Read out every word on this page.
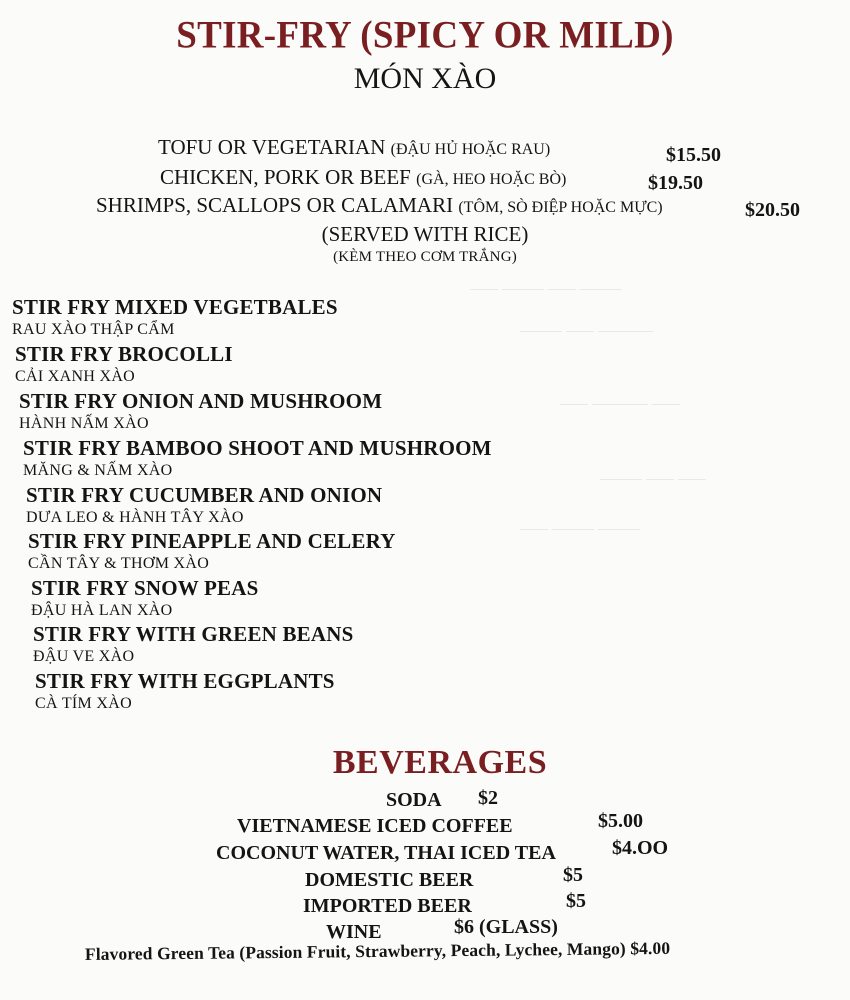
STIR-FRY (SPICY OR MILD)
MÓN XÀO
—— ——— —— ———
——— —— ————
—— ———— ——
——— —— ——
—— ——— ———
TOFU OR VEGETARIAN (ĐẬU HỦ HOẶC RAU)	$15.50
CHICKEN, PORK OR BEEF (GÀ, HEO HOẶC BÒ)	$19.50
SHRIMPS, SCALLOPS OR CALAMARI (TÔM, SÒ ĐIỆP HOẶC MỰC)	$20.50
(SERVED WITH RICE)
(KÈM THEO CƠM TRẮNG)
STIR FRY MIXED VEGETBALES
RAU XÀO THẬP CẨM
STIR FRY BROCOLLI
CẢI XANH XÀO
STIR FRY ONION AND MUSHROOM
HÀNH NẤM XÀO
STIR FRY BAMBOO SHOOT AND MUSHROOM
MĂNG & NẤM XÀO
STIR FRY CUCUMBER AND ONION
DƯA LEO & HÀNH TÂY XÀO
STIR FRY PINEAPPLE AND CELERY
CẦN TÂY & THƠM XÀO
STIR FRY SNOW PEAS
ĐẬU HÀ LAN XÀO
STIR FRY WITH GREEN BEANS
ĐẬU VE XÀO
STIR FRY WITH EGGPLANTS
CÀ TÍM XÀO
BEVERAGES
SODA $2
VIETNAMESE ICED COFFEE	$5.00
COCONUT WATER, THAI ICED TEA	$4.OO
DOMESTIC BEER	$5
IMPORTED BEER	$5
WINE	$6 (GLASS)
Flavored Green Tea (Passion Fruit, Strawberry, Peach, Lychee, Mango) $4.00
